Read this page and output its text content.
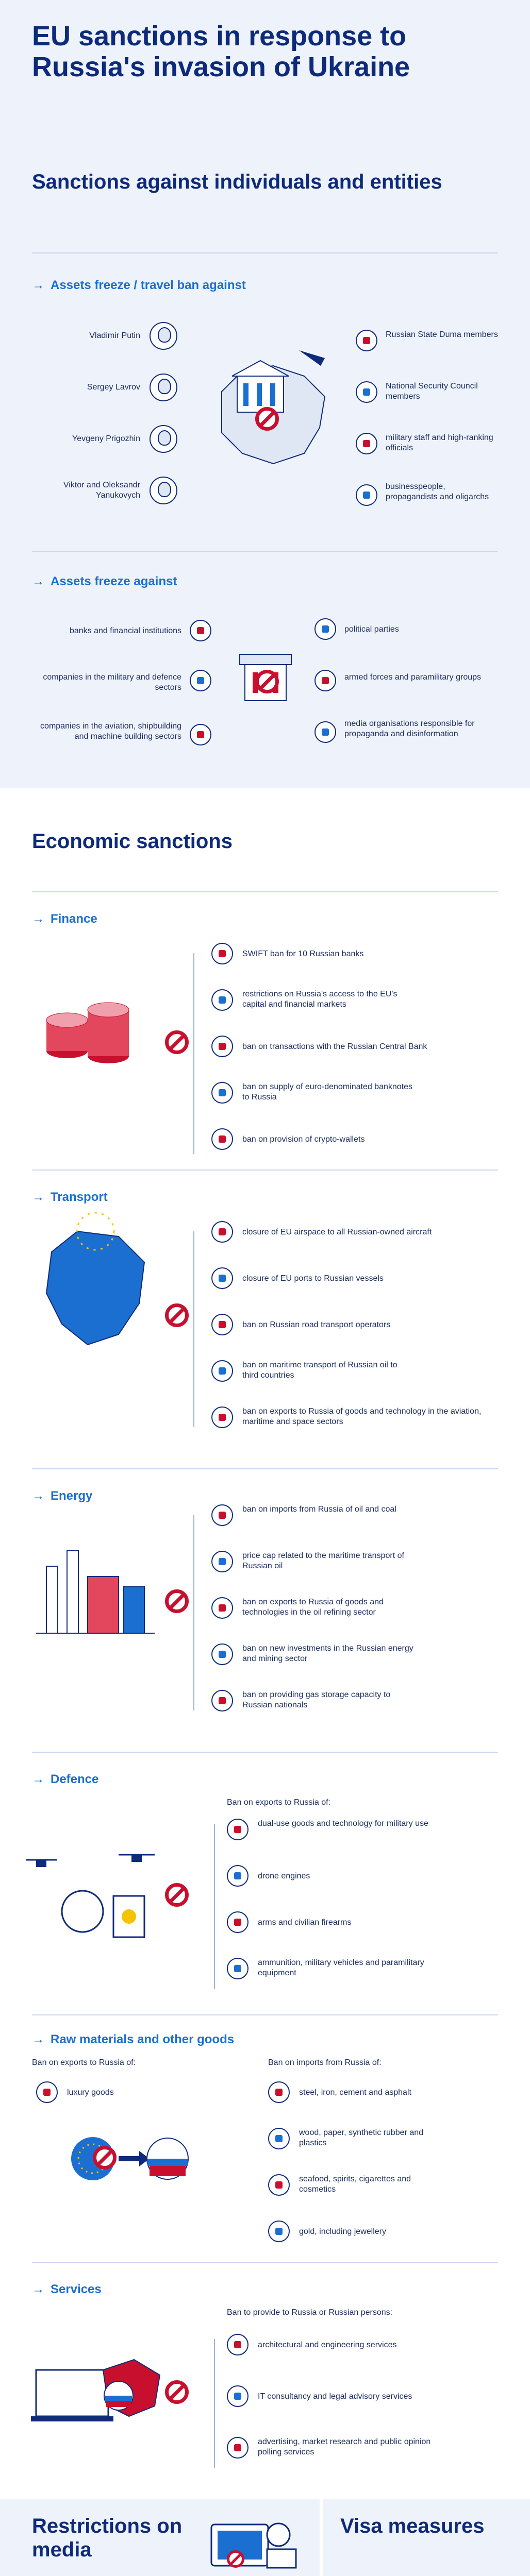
EU sanctions in response to Russia's invasion of Ukraine
Sanctions against individuals and entities
→ Assets freeze / travel ban against
Vladimir Putin
Sergey Lavrov
Yevgeny Prigozhin
Viktor and Oleksandr Yanukovych
Russian State Duma members
National Security Council members
military staff and high-ranking officials
businesspeople, propagandists and oligarchs
→ Assets freeze against
banks and financial institutions
companies in the military and defence sectors
companies in the aviation, shipbuilding and machine building sectors
political parties
armed forces and paramilitary groups
media organisations responsible for propaganda and disinformation
Economic sanctions
→ Finance
SWIFT ban for 10 Russian banks
restrictions on Russia's access to the EU's capital and financial markets
ban on transactions with the Russian Central Bank
ban on supply of euro-denominated banknotes to Russia
ban on provision of crypto-wallets
→ Transport
closure of EU airspace to all Russian-owned aircraft
closure of EU ports to Russian vessels
ban on Russian road transport operators
ban on maritime transport of Russian oil to third countries
ban on exports to Russia of goods and technology in the aviation, maritime and space sectors
→ Energy
ban on imports from Russia of oil and coal
price cap related to the maritime transport of Russian oil
ban on exports to Russia of goods and technologies in the oil refining sector
ban on new investments in the Russian energy and mining sector
ban on providing gas storage capacity to Russian nationals
→ Defence
Ban on exports to Russia of:
dual-use goods and technology for military use
drone engines
arms and civilian firearms
ammunition, military vehicles and paramilitary equipment
→ Raw materials and other goods
Ban on exports to Russia of:
luxury goods
Ban on imports from Russia of:
steel, iron, cement and asphalt
wood, paper, synthetic rubber and plastics
seafood, spirits, cigarettes and cosmetics
gold, including jewellery
→ Services
Ban to provide to Russia or Russian persons:
architectural and engineering services
IT consultancy and legal advisory services
advertising, market research and public opinion polling services
Restrictions on media
Visa measures
